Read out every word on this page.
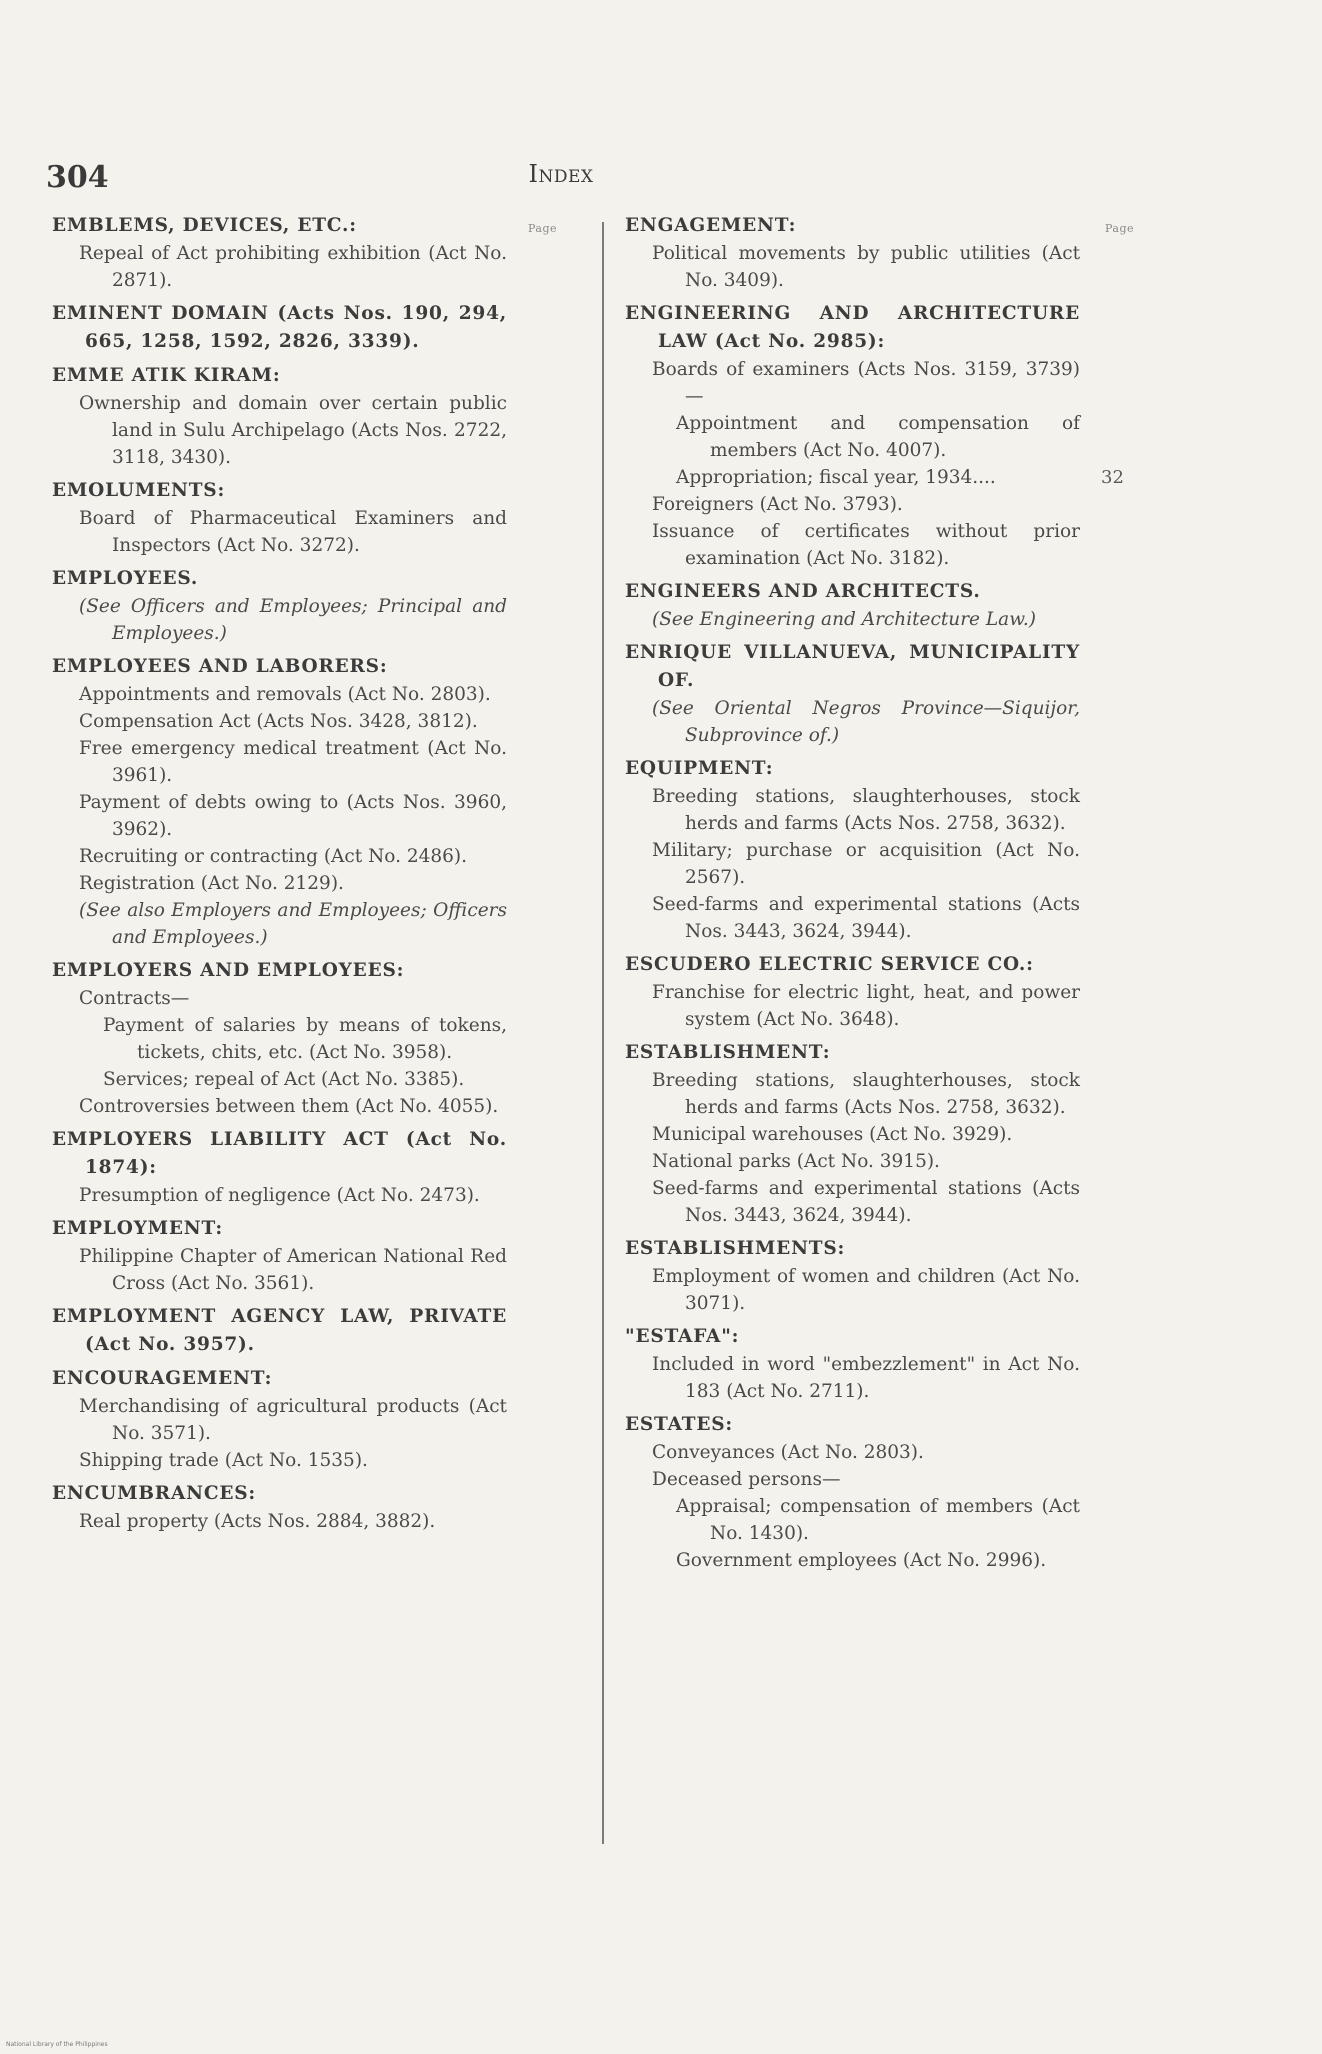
304	Index
Page	Page
EMBLEMS, DEVICES, ETC.:
Repeal of Act prohibiting exhibition (Act No. 2871).
EMINENT DOMAIN (Acts Nos. 190, 294, 665, 1258, 1592, 2826, 3339).
EMME ATIK KIRAM:
Ownership and domain over certain public land in Sulu Archipelago (Acts Nos. 2722, 3118, 3430).
EMOLUMENTS:
Board of Pharmaceutical Examiners and Inspectors (Act No. 3272).
EMPLOYEES.
(See Officers and Employees; Principal and Employees.)
EMPLOYEES AND LABORERS:
Appointments and removals (Act No. 2803).
Compensation Act (Acts Nos. 3428, 3812).
Free emergency medical treatment (Act No. 3961).
Payment of debts owing to (Acts Nos. 3960, 3962).
Recruiting or contracting (Act No. 2486).
Registration (Act No. 2129).
(See also Employers and Employees; Officers and Employees.)
EMPLOYERS AND EMPLOYEES:
Contracts—
Payment of salaries by means of tokens, tickets, chits, etc. (Act No. 3958).
Services; repeal of Act (Act No. 3385).
Controversies between them (Act No. 4055).
EMPLOYERS LIABILITY ACT (Act No. 1874):
Presumption of negligence (Act No. 2473).
EMPLOYMENT:
Philippine Chapter of American National Red Cross (Act No. 3561).
EMPLOYMENT AGENCY LAW, PRIVATE (Act No. 3957).
ENCOURAGEMENT:
Merchandising of agricultural products (Act No. 3571).
Shipping trade (Act No. 1535).
ENCUMBRANCES:
Real property (Acts Nos. 2884, 3882).
ENGAGEMENT:
Political movements by public utilities (Act No. 3409).
ENGINEERING AND ARCHITECTURE LAW (Act No. 2985):
Boards of examiners (Acts Nos. 3159, 3739)—
Appointment and compensation of members (Act No. 4007).
Appropriation; fiscal year, 1934....	32
Foreigners (Act No. 3793).
Issuance of certificates without prior examination (Act No. 3182).
ENGINEERS AND ARCHITECTS.
(See Engineering and Architecture Law.)
ENRIQUE VILLANUEVA, MUNICIPALITY OF.
(See Oriental Negros Province—Siquijor, Subprovince of.)
EQUIPMENT:
Breeding stations, slaughterhouses, stock herds and farms (Acts Nos. 2758, 3632).
Military; purchase or acquisition (Act No. 2567).
Seed-farms and experimental stations (Acts Nos. 3443, 3624, 3944).
ESCUDERO ELECTRIC SERVICE CO.:
Franchise for electric light, heat, and power system (Act No. 3648).
ESTABLISHMENT:
Breeding stations, slaughterhouses, stock herds and farms (Acts Nos. 2758, 3632).
Municipal warehouses (Act No. 3929).
National parks (Act No. 3915).
Seed-farms and experimental stations (Acts Nos. 3443, 3624, 3944).
ESTABLISHMENTS:
Employment of women and children (Act No. 3071).
"ESTAFA":
Included in word "embezzlement" in Act No. 183 (Act No. 2711).
ESTATES:
Conveyances (Act No. 2803).
Deceased persons—
Appraisal; compensation of members (Act No. 1430).
Government employees (Act No. 2996).
National Library of the Philippines
